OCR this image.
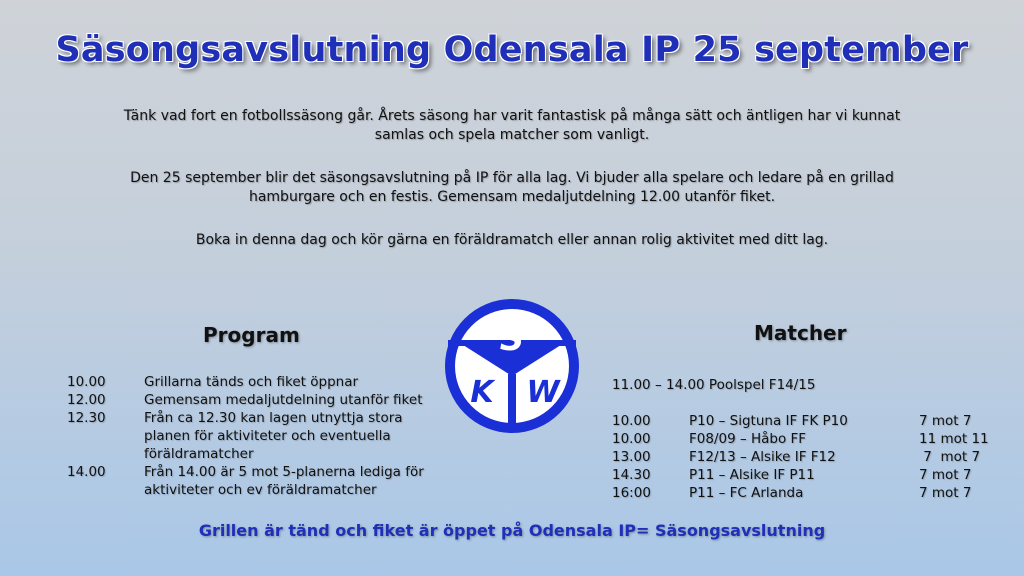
Säsongsavslutning Odensala IP 25 september

Tänk vad fort en fotbollssäsong går. Årets säsong har varit fantastisk på många sätt och äntligen har vi kunnat samlas och spela matcher som vanligt.

Den 25 september blir det säsongsavslutning på IP för alla lag. Vi bjuder alla spelare och ledare på en grillad hamburgare och en festis. Gemensam medaljutdelning 12.00 utanför fiket.

Boka in denna dag och kör gärna en föräldramatch eller annan rolig aktivitet med ditt lag.

Program
10.00	Grillarna tänds och fiket öppnar
12.00	Gemensam medaljutdelning utanför fiket
12.30	Från ca 12.30 kan lagen utnyttja stora planen för aktiviteter och eventuella föräldramatcher
14.00	Från 14.00 är 5 mot 5-planerna lediga för aktiviteter och ev föräldramatcher
S
K W
Matcher
11.00 – 14.00 Poolspel F14/15
10.00	P10 – Sigtuna IF FK P10	7 mot 7
10.00	F08/09 – Håbo FF	11 mot 11
13.00	F12/13 – Alsike IF F12	7  mot 7
14.30	P11 – Alsike IF P11	7 mot 7
16:00	P11 – FC Arlanda	7 mot 7
Grillen är tänd och fiket är öppet på Odensala IP= Säsongsavslutning
